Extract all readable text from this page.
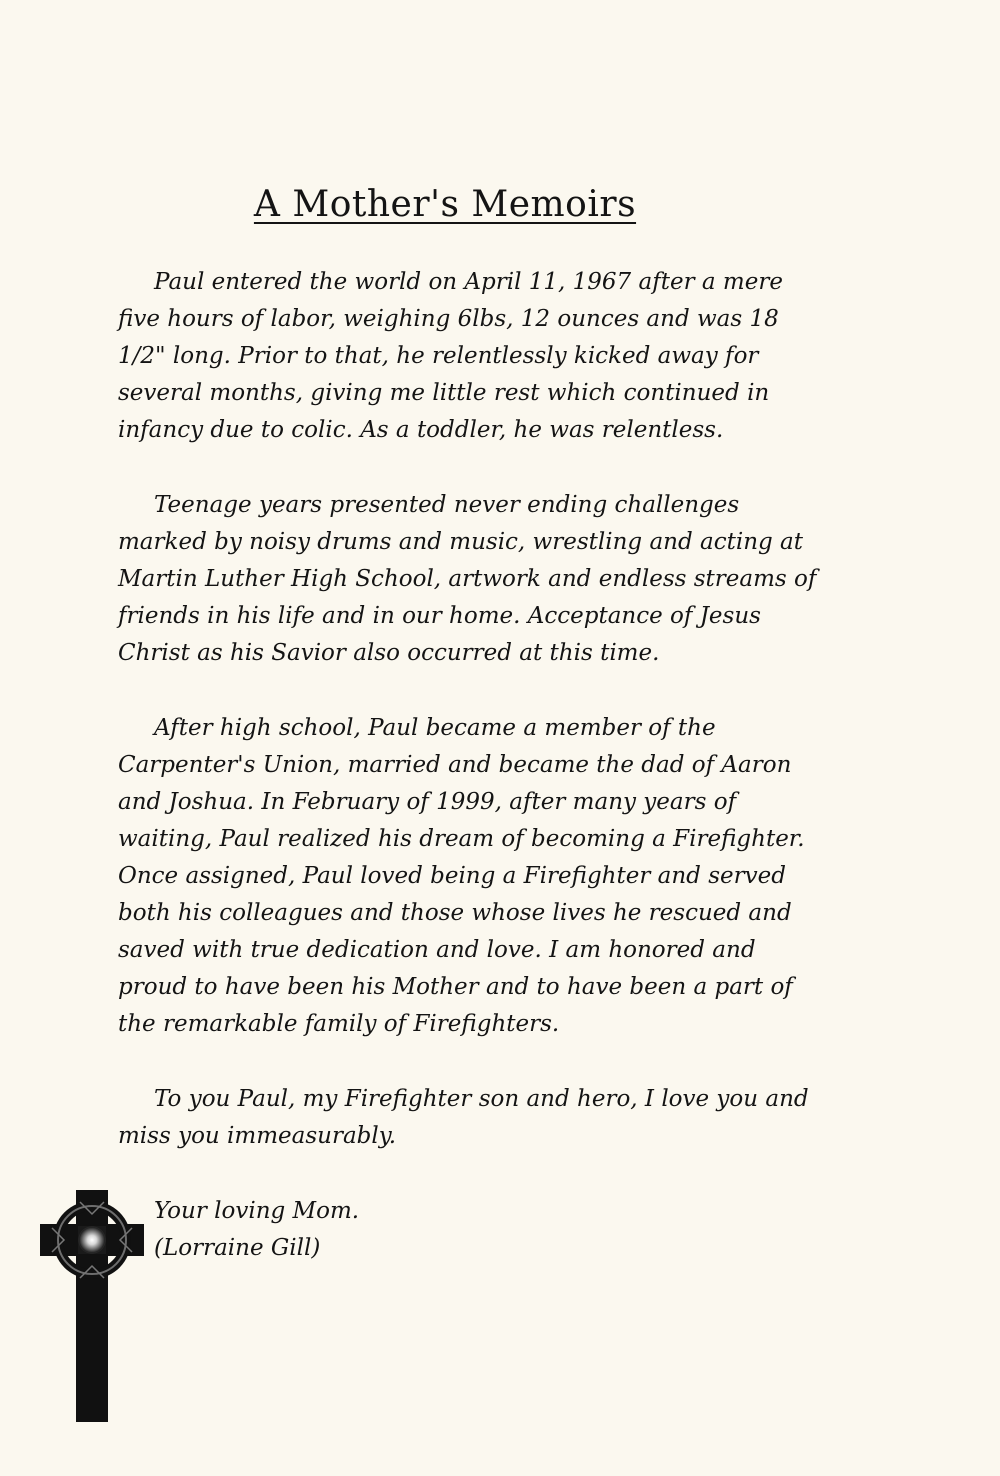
A Mother's Memoirs

Paul entered the world on April 11, 1967 after a mere five hours of labor, weighing 6lbs, 12 ounces and was 18 1/2" long. Prior to that, he relentlessly kicked away for several months, giving me little rest which continued in infancy due to colic. As a toddler, he was relentless.

Teenage years presented never ending challenges marked by noisy drums and music, wrestling and acting at Martin Luther High School, artwork and endless streams of friends in his life and in our home. Acceptance of Jesus Christ as his Savior also occurred at this time.

After high school, Paul became a member of the Carpenter's Union, married and became the dad of Aaron and Joshua. In February of 1999, after many years of waiting, Paul realized his dream of becoming a Firefighter. Once assigned, Paul loved being a Firefighter and served both his colleagues and those whose lives he rescued and saved with true dedication and love. I am honored and proud to have been his Mother and to have been a part of the remarkable family of Firefighters.

To you Paul, my Firefighter son and hero, I love you and miss you immeasurably.

Your loving Mom.
(Lorraine Gill)
